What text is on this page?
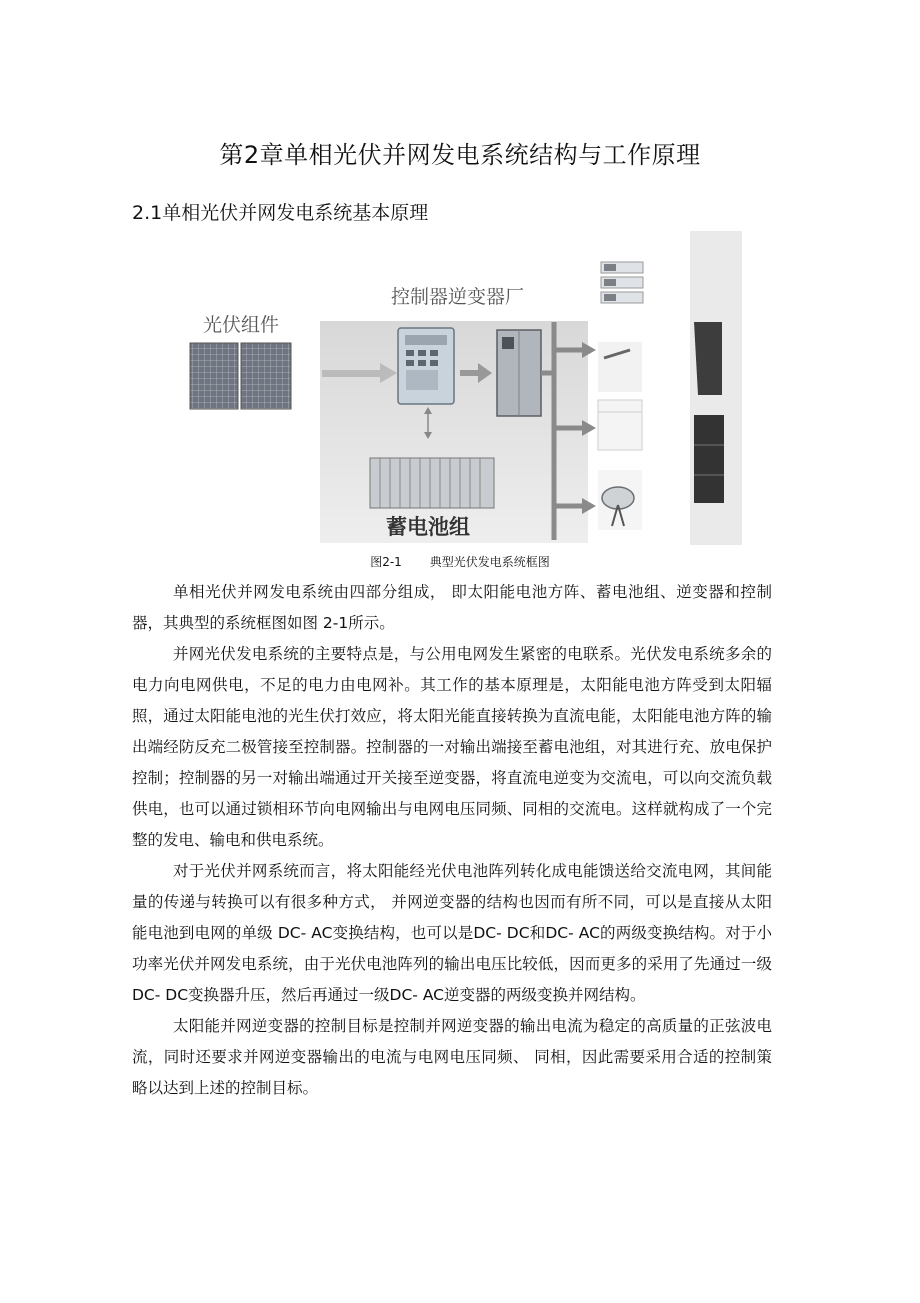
第2章单相光伏并网发电系统结构与工作原理
2.1单相光伏并网发电系统基本原理
光伏组件
控制器逆变器厂
蓄电池组
图2-1 典型光伏发电系统框图

单相光伏并网发电系统由四部分组成， 即太阳能电池方阵、蓄电池组、逆变器和控制器，其典型的系统框图如图 2-1所示。

并网光伏发电系统的主要特点是，与公用电网发生紧密的电联系。光伏发电系统多余的电力向电网供电，不足的电力由电网补。其工作的基本原理是，太阳能电池方阵受到太阳辐照，通过太阳能电池的光生伏打效应，将太阳光能直接转换为直流电能，太阳能电池方阵的输出端经防反充二极管接至控制器。控制器的一对输出端接至蓄电池组，对其进行充、放电保护控制；控制器的另一对输出端通过开关接至逆变器，将直流电逆变为交流电，可以向交流负载供电，也可以通过锁相环节向电网输出与电网电压同频、同相的交流电。这样就构成了一个完整的发电、输电和供电系统。

对于光伏并网系统而言，将太阳能经光伏电池阵列转化成电能馈送给交流电网，其间能量的传递与转换可以有很多种方式， 并网逆变器的结构也因而有所不同，可以是直接从太阳能电池到电网的单级 DC- AC变换结构，也可以是DC- DC和DC- AC的两级变换结构。对于小功率光伏并网发电系统，由于光伏电池阵列的输出电压比较低，因而更多的采用了先通过一级 DC- DC变换器升压，然后再通过一级DC- AC逆变器的两级变换并网结构。

太阳能并网逆变器的控制目标是控制并网逆变器的输出电流为稳定的高质量的正弦波电流，同时还要求并网逆变器输出的电流与电网电压同频、 同相，因此需要采用合适的控制策略以达到上述的控制目标。
